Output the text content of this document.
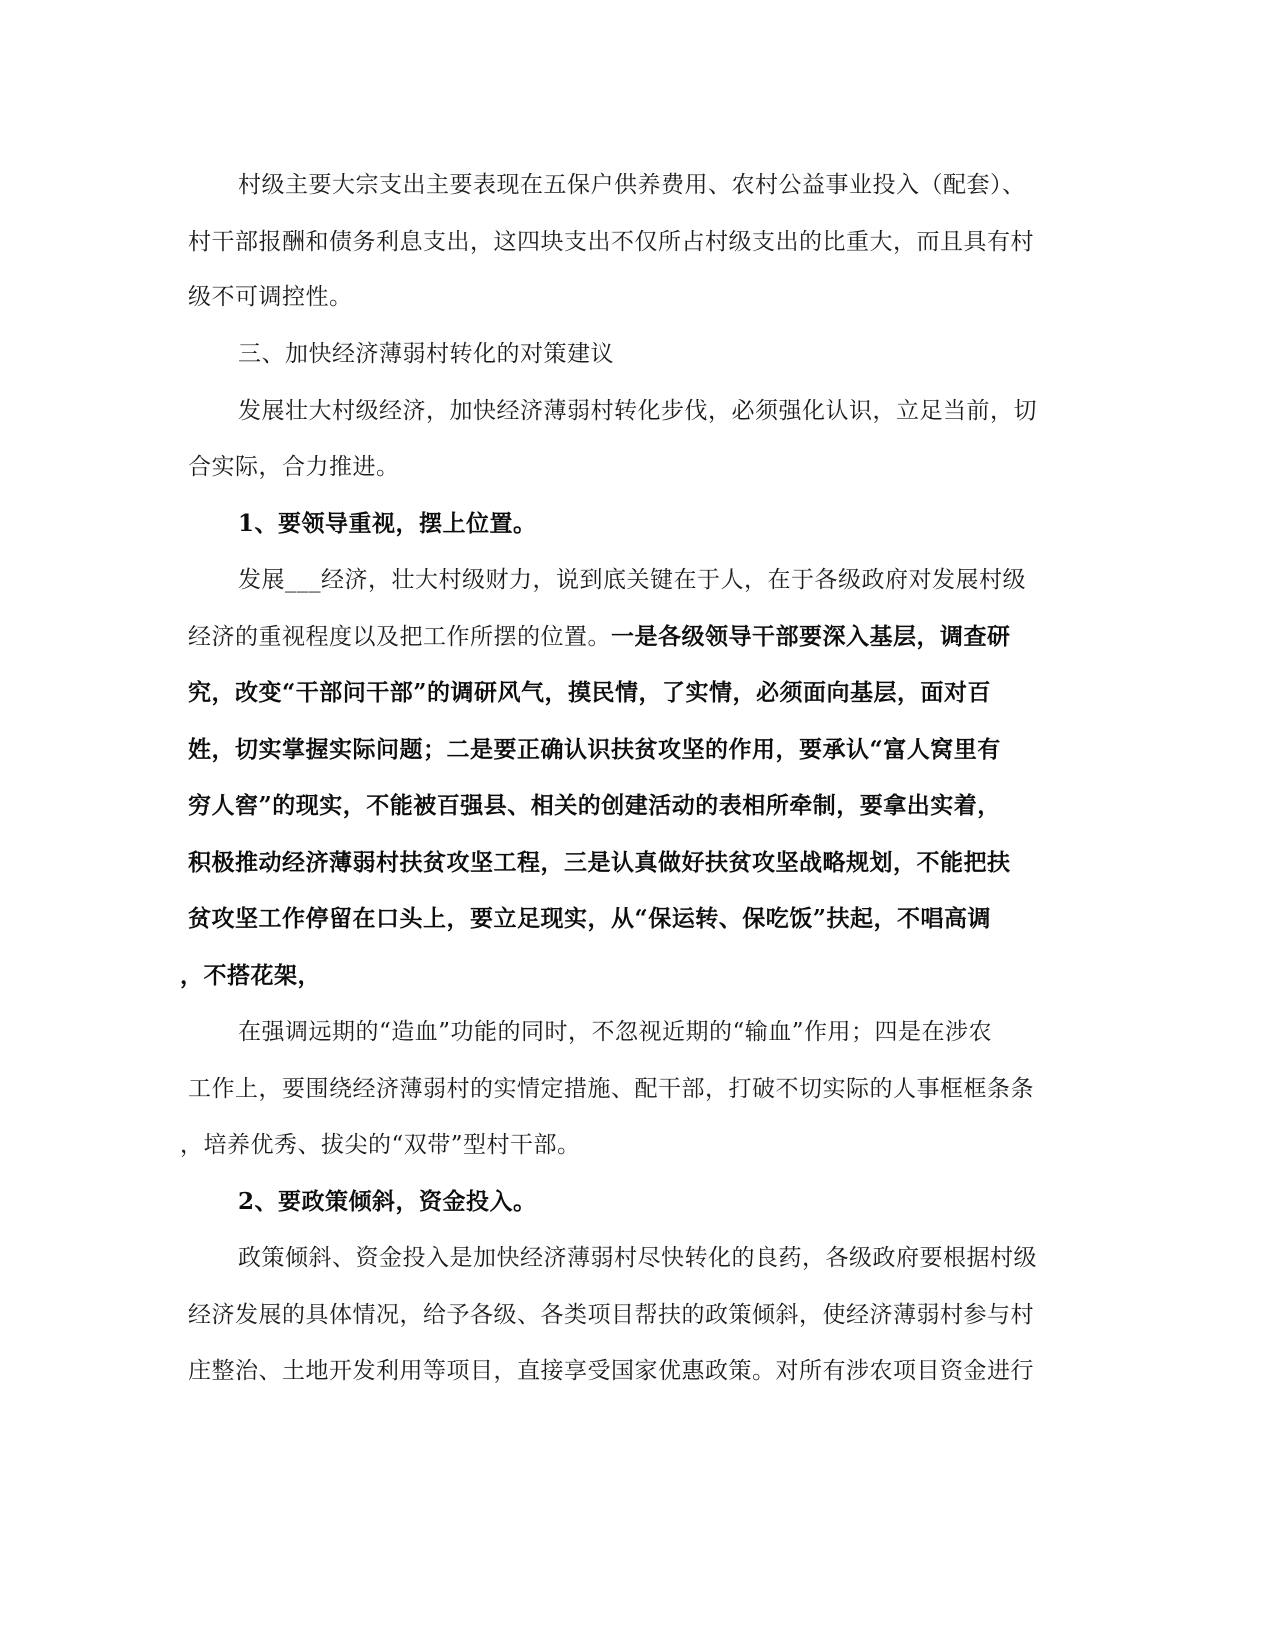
村级主要大宗支出主要表现在五保户供养费用、农村公益事业投入（配套）、
村干部报酬和债务利息支出，这四块支出不仅所占村级支出的比重大，而且具有村
级不可调控性。
三、加快经济薄弱村转化的对策建议
发展壮大村级经济，加快经济薄弱村转化步伐，必须强化认识，立足当前，切
合实际，合力推进。
1、要领导重视，摆上位置。
发展___经济，壮大村级财力，说到底关键在于人，在于各级政府对发展村级
经济的重视程度以及把工作所摆的位置。一是各级领导干部要深入基层，调查研
究，改变“干部问干部”的调研风气，摸民情，了实情，必须面向基层，面对百
姓，切实掌握实际问题；二是要正确认识扶贫攻坚的作用，要承认“富人窝里有
穷人窖”的现实，不能被百强县、相关的创建活动的表相所牵制，要拿出实着，
积极推动经济薄弱村扶贫攻坚工程，三是认真做好扶贫攻坚战略规划，不能把扶
贫攻坚工作停留在口头上，要立足现实，从“保运转、保吃饭”扶起，不唱高调
，不搭花架，
在强调远期的“造血”功能的同时，不忽视近期的“输血”作用；四是在涉农
工作上，要围绕经济薄弱村的实情定措施、配干部，打破不切实际的人事框框条条
，培养优秀、拔尖的“双带”型村干部。
2、要政策倾斜，资金投入。
政策倾斜、资金投入是加快经济薄弱村尽快转化的良药，各级政府要根据村级
经济发展的具体情况，给予各级、各类项目帮扶的政策倾斜，使经济薄弱村参与村
庄整治、土地开发利用等项目，直接享受国家优惠政策。对所有涉农项目资金进行
